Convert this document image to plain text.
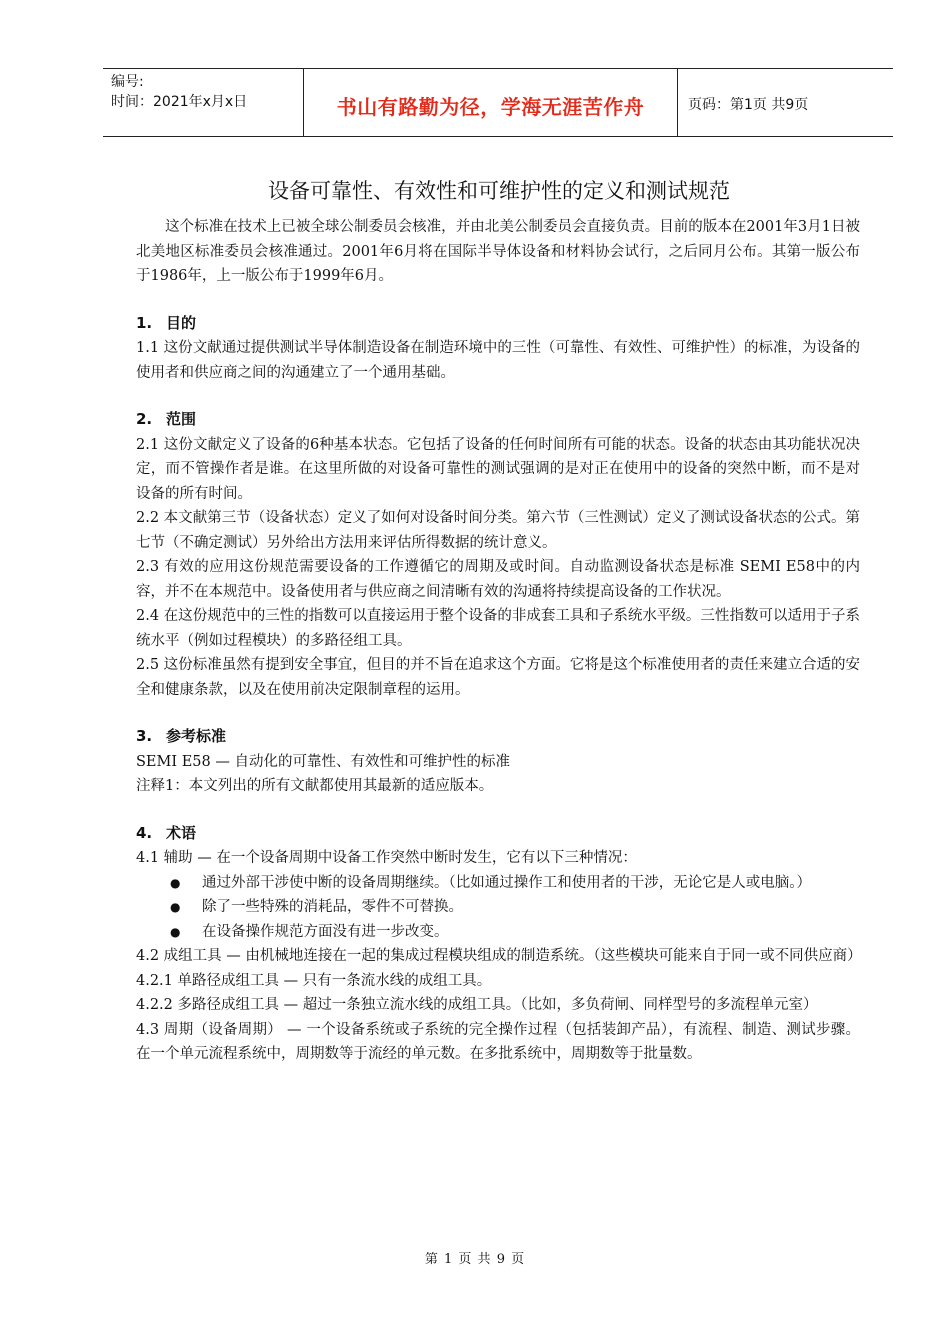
编号:
时间：2021年x月x日	书山有路勤为径，学海无涯苦作舟	页码：第1页 共9页
设备可靠性、有效性和可维护性的定义和测试规范

这个标准在技术上已被全球公制委员会核准，并由北美公制委员会直接负责。目前的版本在2001年3月1日被北美地区标准委员会核准通过。2001年6月将在国际半导体设备和材料协会试行，之后同月公布。其第一版公布于1986年，上一版公布于1999年6月。

1. 目的

1.1 这份文献通过提供测试半导体制造设备在制造环境中的三性（可靠性、有效性、可维护性）的标准，为设备的使用者和供应商之间的沟通建立了一个通用基础。

2. 范围

2.1 这份文献定义了设备的6种基本状态。它包括了设备的任何时间所有可能的状态。设备的状态由其功能状况决定，而不管操作者是谁。在这里所做的对设备可靠性的测试强调的是对正在使用中的设备的突然中断，而不是对设备的所有时间。

2.2 本文献第三节（设备状态）定义了如何对设备时间分类。第六节（三性测试）定义了测试设备状态的公式。第七节（不确定测试）另外给出方法用来评估所得数据的统计意义。

2.3 有效的应用这份规范需要设备的工作遵循它的周期及或时间。自动监测设备状态是标准 SEMI E58中的内容，并不在本规范中。设备使用者与供应商之间清晰有效的沟通将持续提高设备的工作状况。

2.4 在这份规范中的三性的指数可以直接运用于整个设备的非成套工具和子系统水平级。三性指数可以适用于子系统水平（例如过程模块）的多路径组工具。

2.5 这份标准虽然有提到安全事宜，但目的并不旨在追求这个方面。它将是这个标准使用者的责任来建立合适的安全和健康条款，以及在使用前决定限制章程的运用。

3. 参考标准

SEMI E58 — 自动化的可靠性、有效性和可维护性的标准

注释1：本文列出的所有文献都使用其最新的适应版本。

4. 术语

4.1 辅助 — 在一个设备周期中设备工作突然中断时发生，它有以下三种情况：

● 通过外部干涉使中断的设备周期继续。（比如通过操作工和使用者的干涉，无论它是人或电脑。）
● 除了一些特殊的消耗品，零件不可替换。
● 在设备操作规范方面没有进一步改变。

4.2 成组工具 — 由机械地连接在一起的集成过程模块组成的制造系统。（这些模块可能来自于同一或不同供应商）

4.2.1 单路径成组工具 — 只有一条流水线的成组工具。

4.2.2 多路径成组工具 — 超过一条独立流水线的成组工具。（比如，多负荷闸、同样型号的多流程单元室）

4.3 周期（设备周期） — 一个设备系统或子系统的完全操作过程（包括装卸产品），有流程、制造、测试步骤。在一个单元流程系统中，周期数等于流经的单元数。在多批系统中，周期数等于批量数。

第 1 页 共 9 页
